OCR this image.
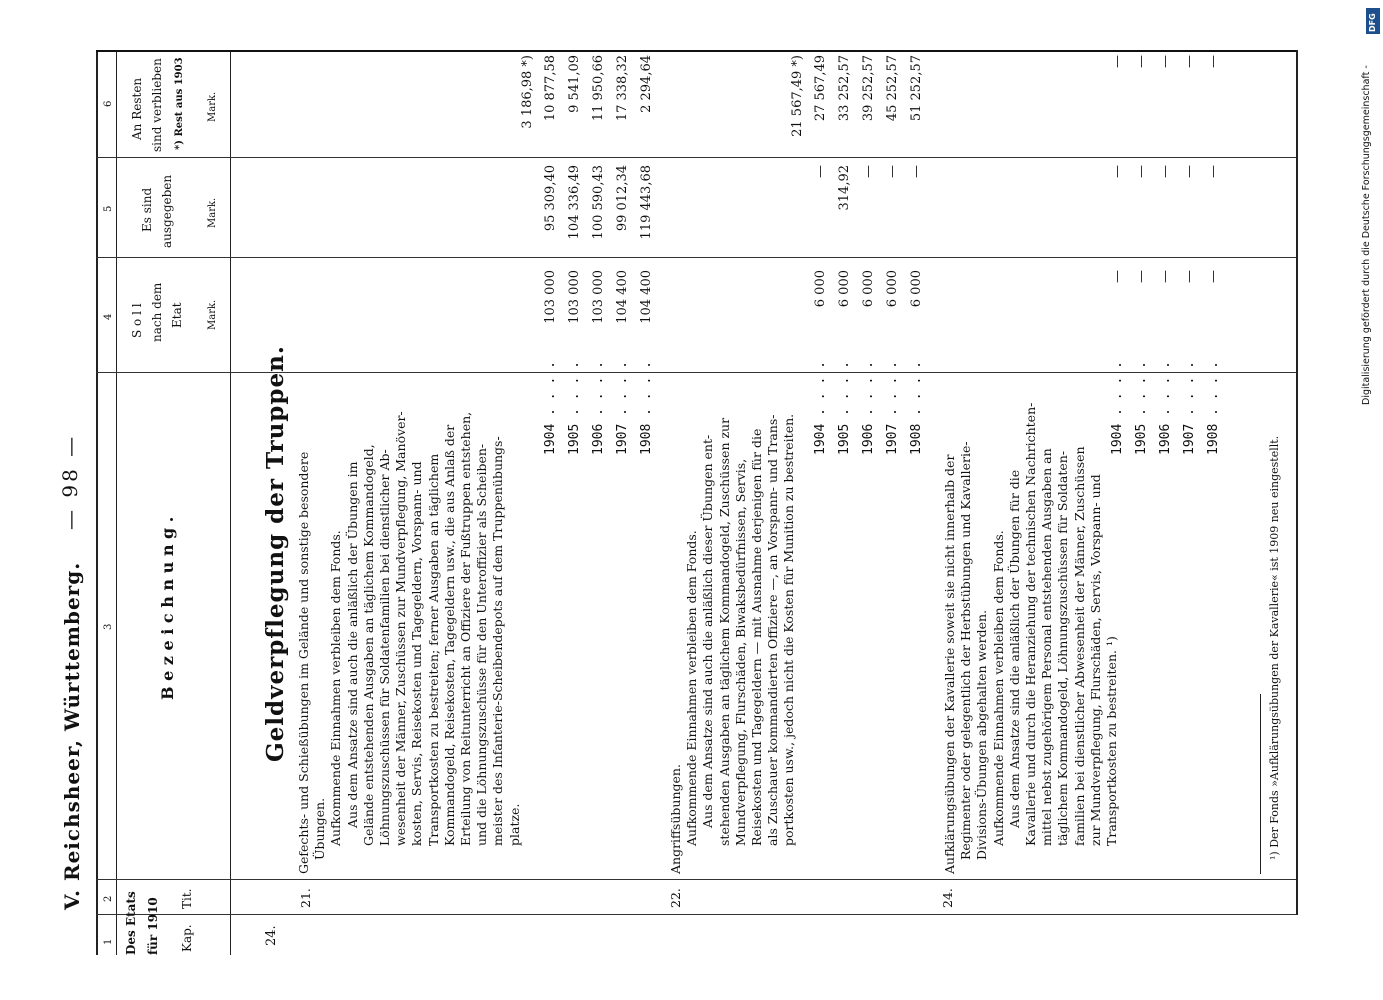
V. Reichsheer, Württemberg.
— 98 —
1
2
3
4
5
6
Des Etats für 1910 Kap.
Tit.
B e z e i c h n u n g .
S o l l nach dem Etat Mark.
Es sind ausgegeben	Mark.
An Resten sind verblieben *) Rest aus 1903 Mark.
24.
Geldverpflegung der Truppen.
21.
Gefechts- und Schießübungen im Gelände und sonstige besondere Übungen. Aufkommende Einnahmen verbleiben dem Fonds. Aus dem Ansatze sind auch die anläßlich der Übungen im Gelände entstehenden Ausgaben an täglichem Kommandogeld, Löhnungszuschüssen für Soldatenfamilien bei dienstlicher Ab- wesenheit der Männer, Zuschüssen zur Mundverpflegung, Manöver- kosten, Servis, Reisekosten und Tagegeldern, Vorspann- und Transportkosten zu bestreiten; ferner Ausgaben an täglichem Kommandogeld, Reisekosten, Tagegeldern usw., die aus Anlaß der Erteilung von Reitunterricht an Offiziere der Fußtruppen entstehen, und die Löhnungszuschüsse für den Unteroffizier als Scheiben- meister des Infanterie-Scheibendepots auf dem Truppenübungs- platze.
3 186,98 *)
22.
Angriffsübungen. Aufkommende Einnahmen verbleiben dem Fonds. Aus dem Ansatze sind auch die anläßlich dieser Übungen ent- stehenden Ausgaben an täglichem Kommandogeld, Zuschüssen zur Mundverpflegung, Flurschäden, Biwaksbedürfnissen, Servis, Reisekosten und Tagegeldern — mit Ausnahme derjenigen für die als Zuschauer kommandierten Offiziere —, an Vorspann- und Trans- portkosten usw., jedoch nicht die Kosten für Munition zu bestreiten.
21 567,49 *)
24.
Aufklärungsübungen der Kavallerie soweit sie nicht innerhalb der Regimenter oder gelegentlich der Herbstübungen und Kavallerie- Divisions-Übungen abgehalten werden. Aufkommende Einnahmen verbleiben dem Fonds. Aus dem Ansatze sind die anläßlich der Übungen für die Kavallerie und durch die Heranziehung der technischen Nachrichten- mittel nebst zugehörigem Personal entstehenden Ausgaben an täglichem Kommandogeld, Löhnungszuschüssen für Soldaten- familien bei dienstlicher Abwesenheit der Männer, Zuschüssen zur Mundverpflegung, Flurschäden, Servis, Vorspann- und Transportkosten zu bestreiten. ¹)
1904 . . . .
103 000
95 309,40
10 877,58
1905 . . . .
103 000
104 336,49
9 541,09
1906 . . . .
103 000
100 590,43
11 950,66
1907 . . . .
104 400
99 012,34
17 338,32
1908 . . . .
104 400
119 443,68
2 294,64
1904 . . . .
6 000
—
27 567,49
1905 . . . .
6 000
314,92
33 252,57
1906 . . . .
6 000
—
39 252,57
1907 . . . .
6 000
—
45 252,57
1908 . . . .
6 000
—
51 252,57
1904 . . . .
—
—
—
1905 . . . .
—
—
—
1906 . . . .
—
—
—
1907 . . . .
—
—
—
1908 . . . .
—
—
—
¹) Der Fonds »Aufklärungsübungen der Kavallerie« ist 1909 neu eingestellt.
Digitalisierung gefördert durch die Deutsche Forschungsgemeinschaft -
DFG
